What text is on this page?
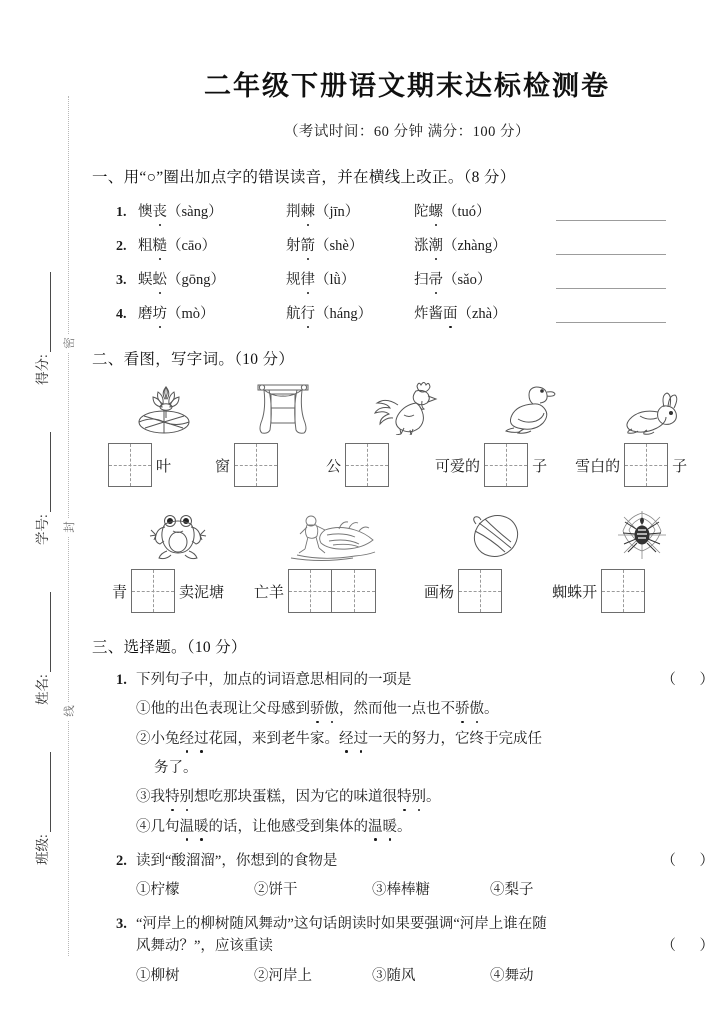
密
封
线
得分:
学号:
姓名:
班级:
二年级下册语文期末达标检测卷
（考试时间：60 分钟 满分：100 分）
一、用“○”圈出加点字的错误读音，并在横线上改正。（8 分）
1. 懊丧（sàng）	荆棘（jīn）	陀螺（tuó）
2. 粗糙（cāo）	射箭（shè）	涨潮（zhàng）
3. 蜈蚣（gōng）	规律（lǜ）	扫帚（sǎo）
4. 磨坊（mò）	航行（háng）	炸酱面（zhà）
二、看图，写字词。（10 分）
叶	窗	公	可爱的	子 雪白的	子
青	卖泥塘 亡羊	画杨	蜘蛛开
三、选择题。（10 分）
1. 下列句子中，加点的词语意思相同的一项是	（ ）
①他的出色表现让父母感到骄傲，然而他一点也不骄傲。
②小兔经过花园，来到老牛家。经过一天的努力，它终于完成任
务了。
③我特别想吃那块蛋糕，因为它的味道很特别。
④几句温暖的话，让他感受到集体的温暖。
2. 读到“酸溜溜”，你想到的食物是	（ ）
①柠檬	②饼干	③棒棒糖	④梨子
3. “河岸上的柳树随风舞动”这句话朗读时如果要强调“河岸上谁在随
风舞动？”，应该重读	（ ）
①柳树	②河岸上	③随风	④舞动
